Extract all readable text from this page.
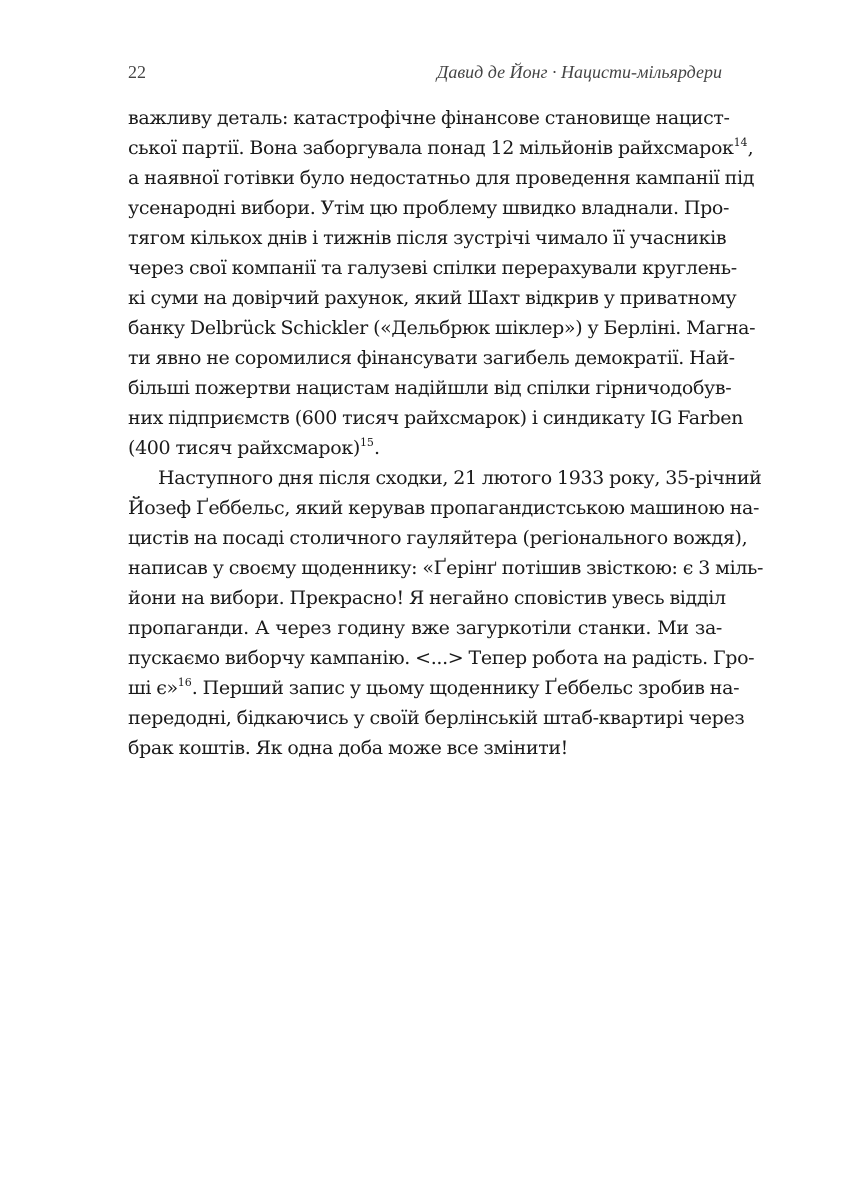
22	Давид де Йонг · Нацисти-мільярдери
важливу деталь: катастрофічне фінансове становище нацист-
ської партії. Вона заборгувала понад 12 мільйонів райхсмарок$^{14}$,
а наявної готівки було недостатньо для проведення кампанії під
усенародні вибори. Утім цю проблему швидко владнали. Про-
тягом кількох днів і тижнів після зустрічі чимало її учасників
через свої компанії та галузеві спілки перерахували круглень-
кі суми на довірчий рахунок, який Шахт відкрив у приватному
банку Delbrück Schickler («Дельбрюк шіклер») у Берліні. Магна-
ти явно не соромилися фінансувати загибель демократії. Най-
більші пожертви нацистам надійшли від спілки гірничодобув-
них підприємств (600 тисяч райхсмарок) і синдикату IG Farben
(400 тисяч райхсмарок)$^{15}$.
Наступного дня після сходки, 21 лютого 1933 року, 35-річний
Йозеф Ґеббельс, який керував пропагандистською машиною на-
цистів на посаді столичного гауляйтера (регіонального вождя),
написав у своєму щоденнику: «Ґерінґ потішив звісткою: є 3 міль-
йони на вибори. Прекрасно! Я негайно сповістив увесь відділ
пропаганди. А через годину вже загуркотіли станки. Ми за-
пускаємо виборчу кампанію. <...> Тепер робота на радість. Гро-
ші є»$^{16}$. Перший запис у цьому щоденнику Ґеббельс зробив на-
передодні, бідкаючись у своїй берлінській штаб-квартирі через
брак коштів. Як одна доба може все змінити!
